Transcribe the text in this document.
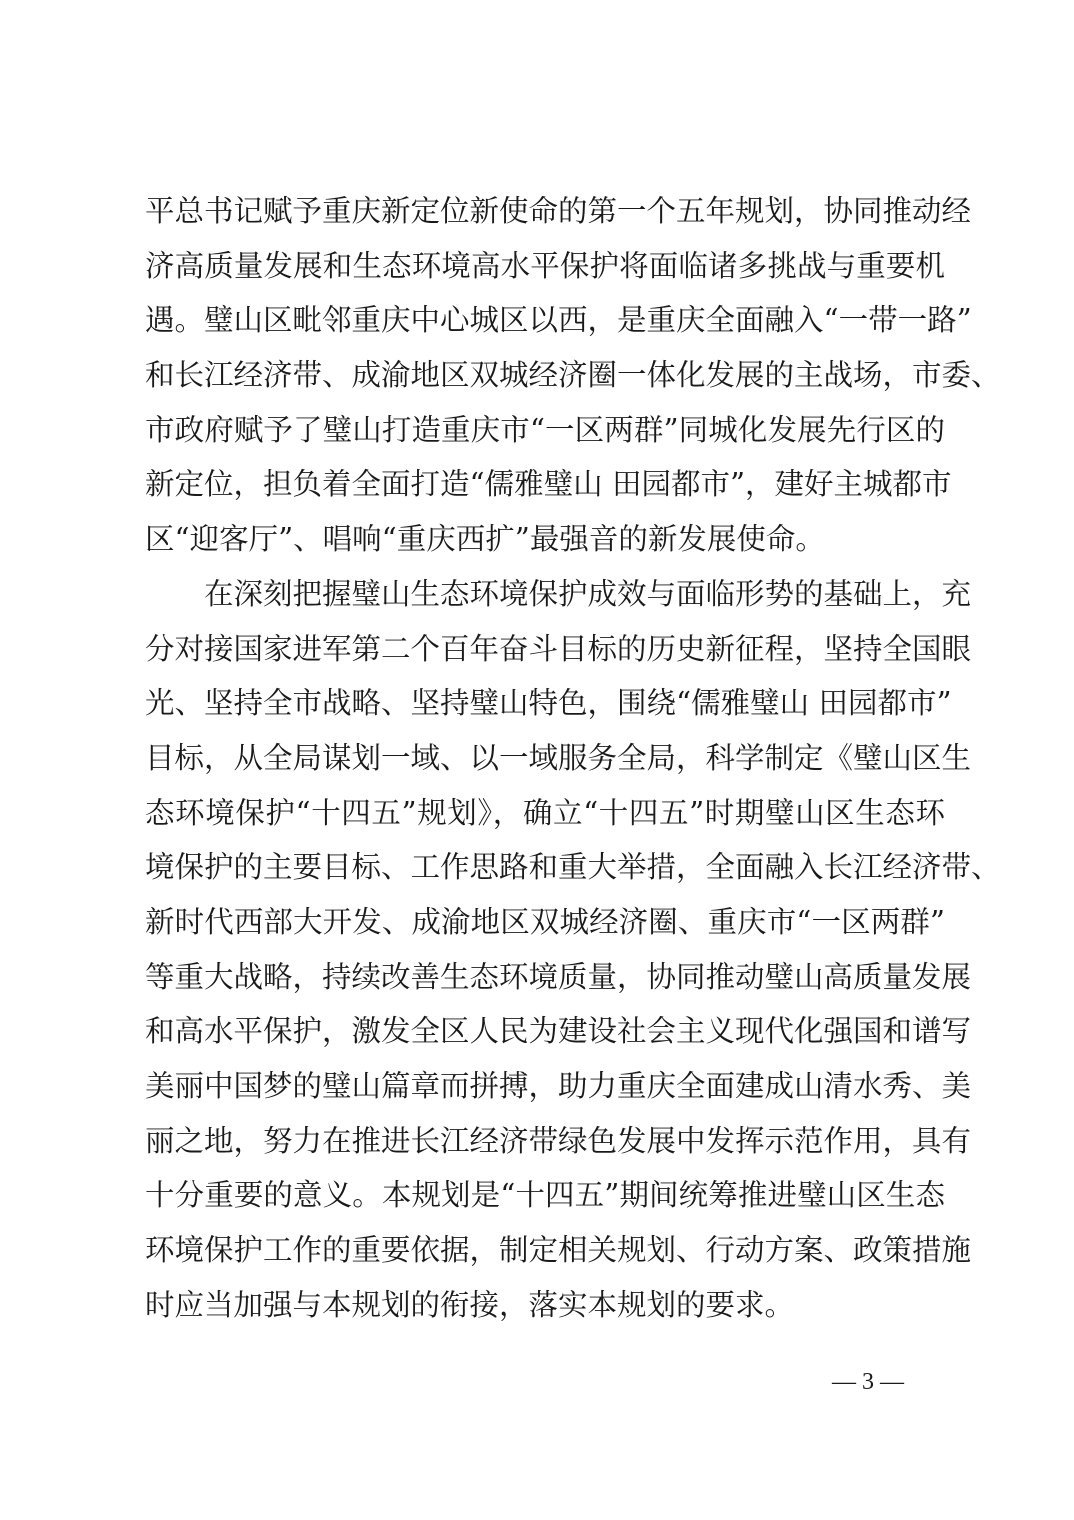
平总书记赋予重庆新定位新使命的第一个五年规划，协同推动经
济高质量发展和生态环境高水平保护将面临诸多挑战与重要机
遇。璧山区毗邻重庆中心城区以西，是重庆全面融入“一带一路”
和长江经济带、成渝地区双城经济圈一体化发展的主战场，市委、
市政府赋予了璧山打造重庆市“一区两群”同城化发展先行区的
新定位，担负着全面打造“儒雅璧山 田园都市”，建好主城都市
区“迎客厅”、唱响“重庆西扩”最强音的新发展使命。
　　在深刻把握璧山生态环境保护成效与面临形势的基础上，充
分对接国家进军第二个百年奋斗目标的历史新征程，坚持全国眼
光、坚持全市战略、坚持璧山特色，围绕“儒雅璧山 田园都市”
目标，从全局谋划一域、以一域服务全局，科学制定《璧山区生
态环境保护“十四五”规划》，确立“十四五”时期璧山区生态环
境保护的主要目标、工作思路和重大举措，全面融入长江经济带、
新时代西部大开发、成渝地区双城经济圈、重庆市“一区两群”
等重大战略，持续改善生态环境质量，协同推动璧山高质量发展
和高水平保护，激发全区人民为建设社会主义现代化强国和谱写
美丽中国梦的璧山篇章而拼搏，助力重庆全面建成山清水秀、美
丽之地，努力在推进长江经济带绿色发展中发挥示范作用，具有
十分重要的意义。本规划是“十四五”期间统筹推进璧山区生态
环境保护工作的重要依据，制定相关规划、行动方案、政策措施
时应当加强与本规划的衔接，落实本规划的要求。
— 3 —
